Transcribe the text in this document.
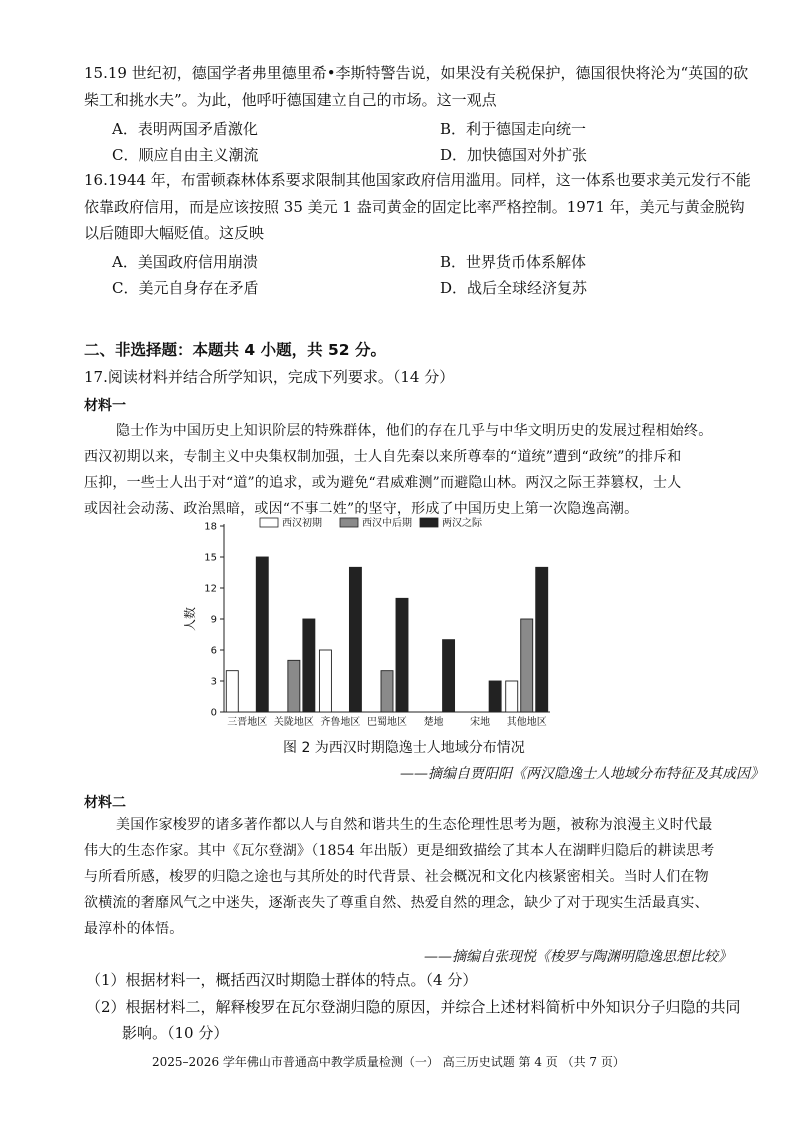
15.19 世纪初，德国学者弗里德里希•李斯特警告说，如果没有关税保护，德国很快将沦为“英国的砍
柴工和挑水夫”。为此，他呼吁德国建立自己的市场。这一观点
A．表明两国矛盾激化	B．利于德国走向统一
C．顺应自由主义潮流	D．加快德国对外扩张
16.1944 年，布雷顿森林体系要求限制其他国家政府信用滥用。同样，这一体系也要求美元发行不能
依靠政府信用，而是应该按照 35 美元 1 盎司黄金的固定比率严格控制。1971 年，美元与黄金脱钩
以后随即大幅贬值。这反映
A．美国政府信用崩溃	B．世界货币体系解体
C．美元自身存在矛盾	D．战后全球经济复苏
二、非选择题：本题共 4 小题，共 52 分。
17.阅读材料并结合所学知识，完成下列要求。（14 分）
材料一
隐士作为中国历史上知识阶层的特殊群体，他们的存在几乎与中华文明历史的发展过程相始终。
西汉初期以来，专制主义中央集权制加强，士人自先秦以来所尊奉的“道统”遭到“政统”的排斥和
压抑，一些士人出于对“道”的追求，或为避免“君威难测”而避隐山林。两汉之际王莽篡权，士人
或因社会动荡、政治黑暗，或因“不事二姓”的坚守，形成了中国历史上第一次隐逸高潮。
0
3
6
9
12
15
18
人数
西汉初期	西汉中后期	两汉之际
三晋地区 关陇地区 齐鲁地区 巴蜀地区 楚地	宋地 其他地区
图 2 为西汉时期隐逸士人地域分布情况
——摘编自贾阳阳《两汉隐逸士人地域分布特征及其成因》
材料二
美国作家梭罗的诸多著作都以人与自然和谐共生的生态伦理性思考为题，被称为浪漫主义时代最
伟大的生态作家。其中《瓦尔登湖》（1854 年出版）更是细致描绘了其本人在湖畔归隐后的耕读思考
与所看所感，梭罗的归隐之途也与其所处的时代背景、社会概况和文化内核紧密相关。当时人们在物
欲横流的奢靡风气之中迷失，逐渐丧失了尊重自然、热爱自然的理念，缺少了对于现实生活最真实、
最淳朴的体悟。
——摘编自张现悦《梭罗与陶渊明隐逸思想比较》
（1）根据材料一，概括西汉时期隐士群体的特点。（4 分）
（2）根据材料二，解释梭罗在瓦尔登湖归隐的原因，并综合上述材料简析中外知识分子归隐的共同
影响。（10 分）
2025–2026 学年佛山市普通高中教学质量检测（一） 高三历史试题 第 4 页 （共 7 页）
